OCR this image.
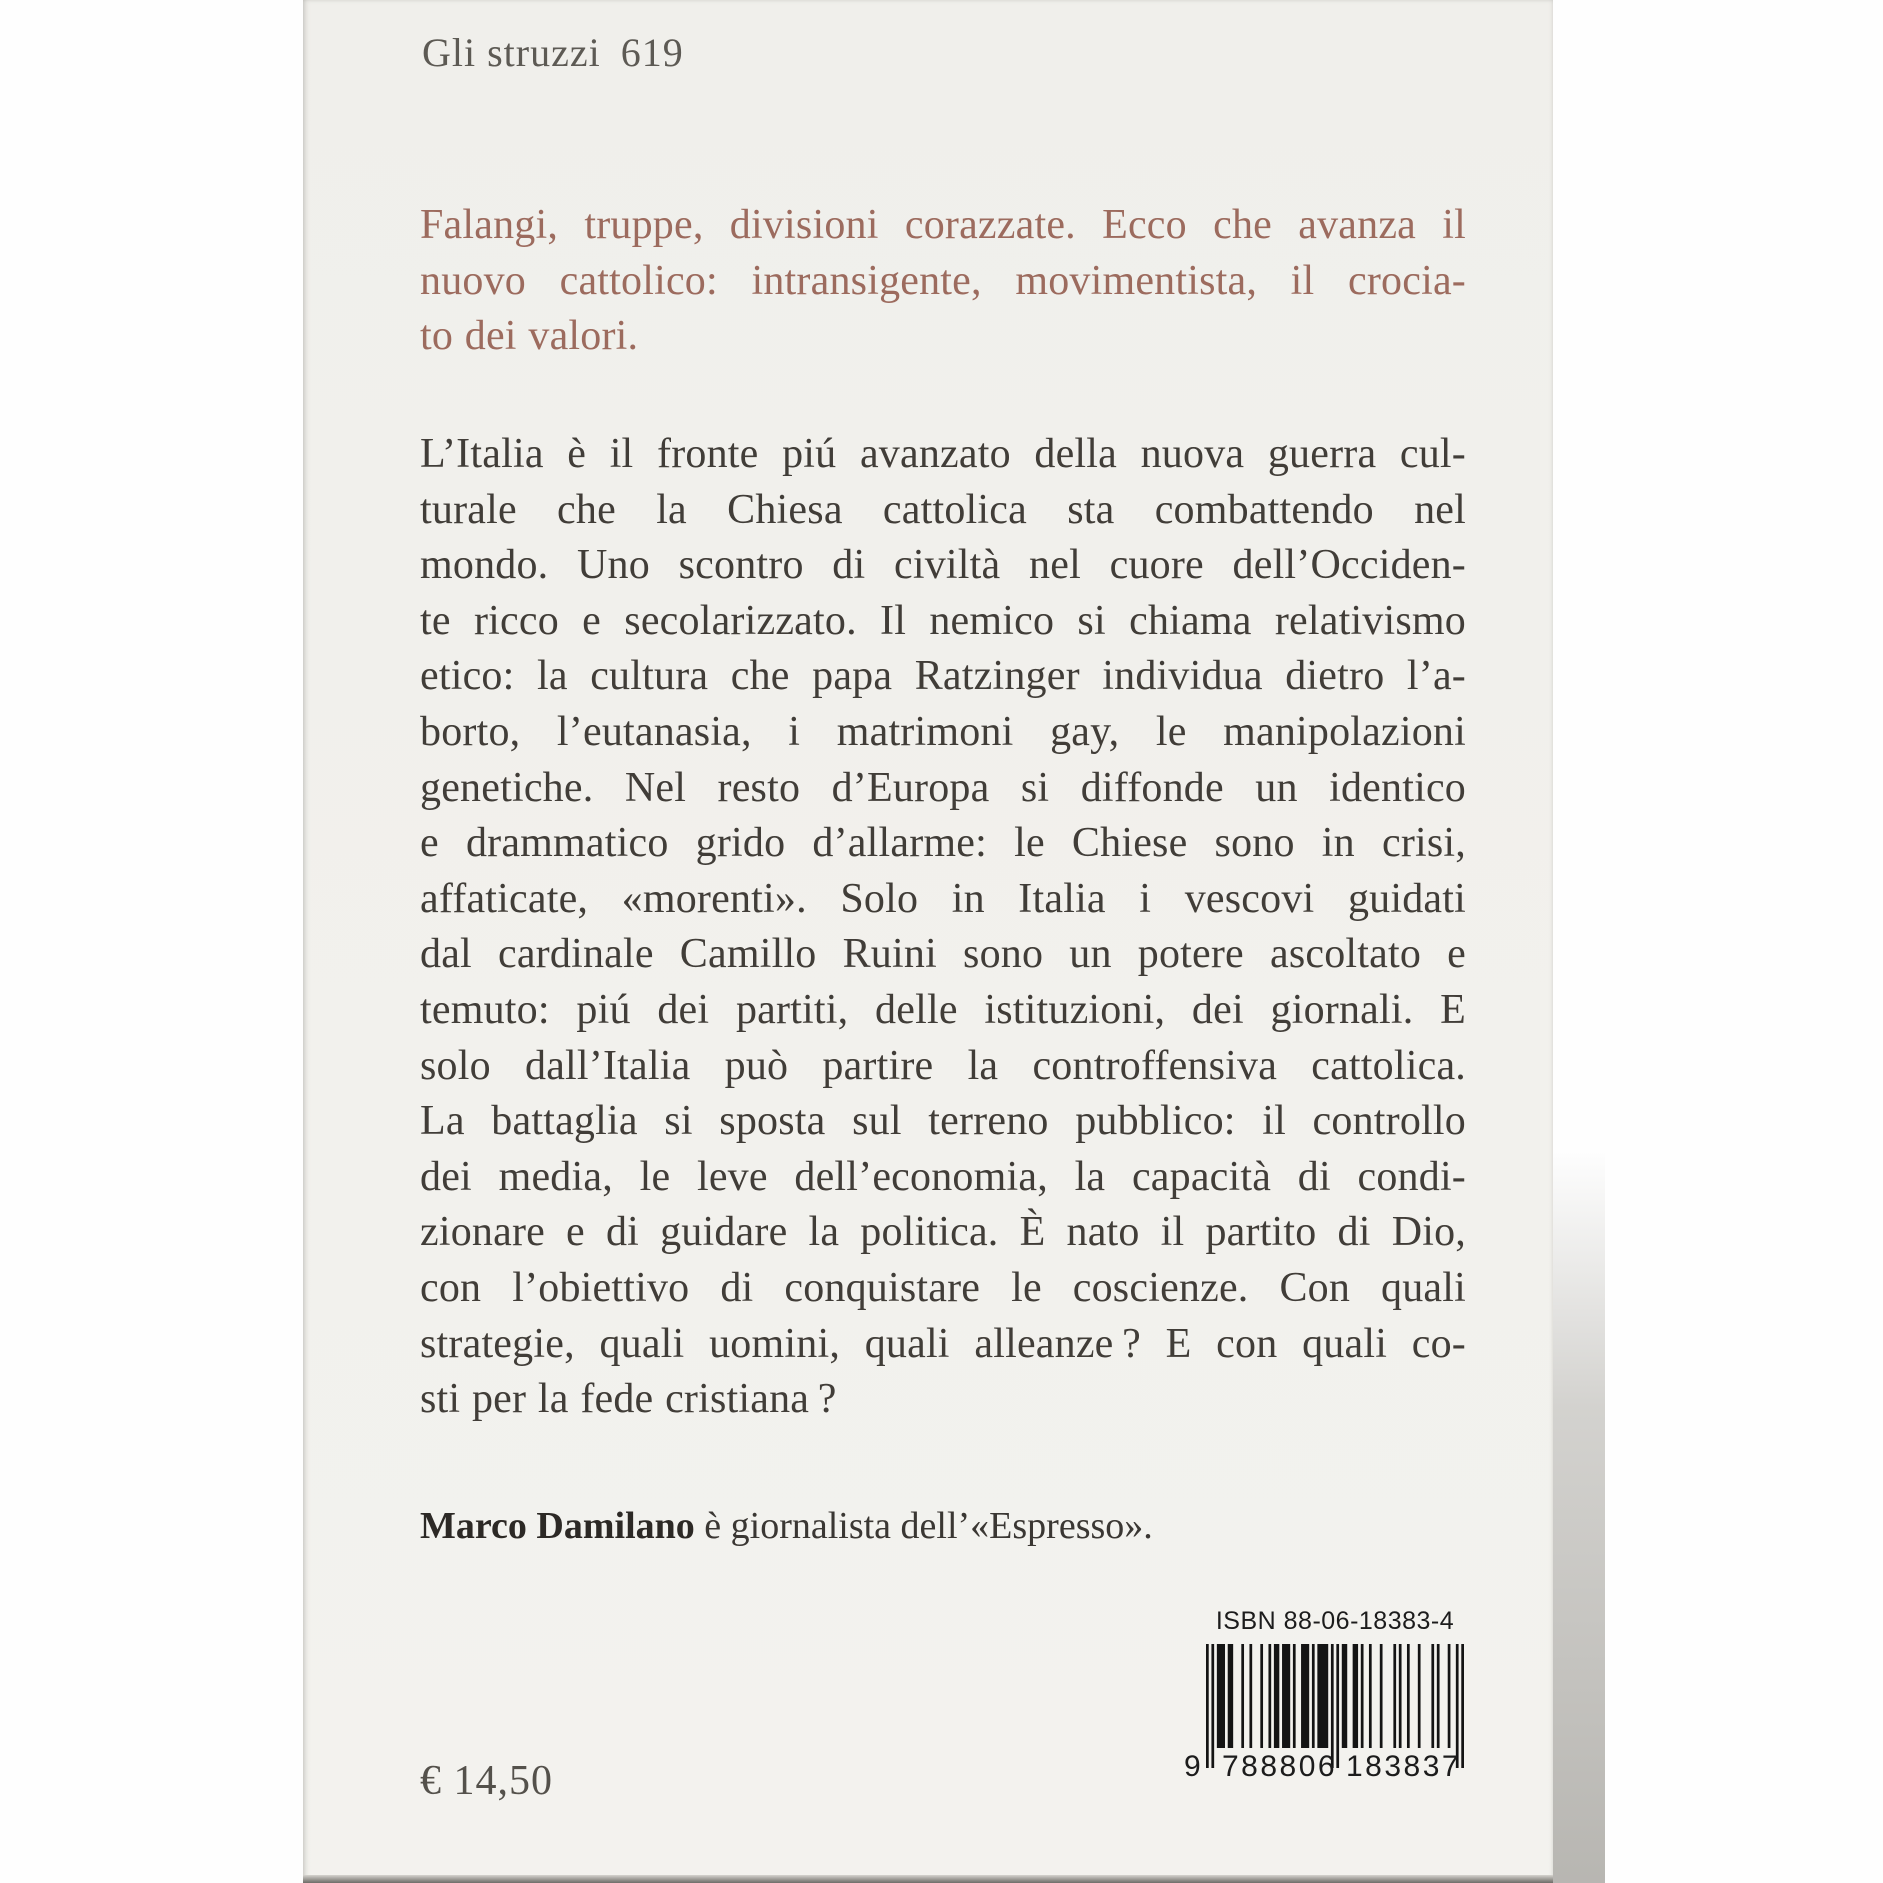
Gli struzzi 619
Falangi, truppe, divisioni corazzate. Ecco che avanza il
nuovo cattolico: intransigente, movimentista, il crocia-
to dei valori.
L’Italia è il fronte piú avanzato della nuova guerra cul-
turale che la Chiesa cattolica sta combattendo nel
mondo. Uno scontro di civiltà nel cuore dell’Occiden-
te ricco e secolarizzato. Il nemico si chiama relativismo
etico: la cultura che papa Ratzinger individua dietro l’a-
borto, l’eutanasia, i matrimoni gay, le manipolazioni
genetiche. Nel resto d’Europa si diffonde un identico
e drammatico grido d’allarme: le Chiese sono in crisi,
affaticate, «morenti». Solo in Italia i vescovi guidati
dal cardinale Camillo Ruini sono un potere ascoltato e
temuto: piú dei partiti, delle istituzioni, dei giornali. E
solo dall’Italia può partire la controffensiva cattolica.
La battaglia si sposta sul terreno pubblico: il controllo
dei media, le leve dell’economia, la capacità di condi-
zionare e di guidare la politica. È nato il partito di Dio,
con l’obiettivo di conquistare le coscienze. Con quali
strategie, quali uomini, quali alleanze ? E con quali co-
sti per la fede cristiana ?
Marco Damilano è giornalista dell’«Espresso».
€ 14,50
ISBN 88-06-18383-4
9 788806 183837
